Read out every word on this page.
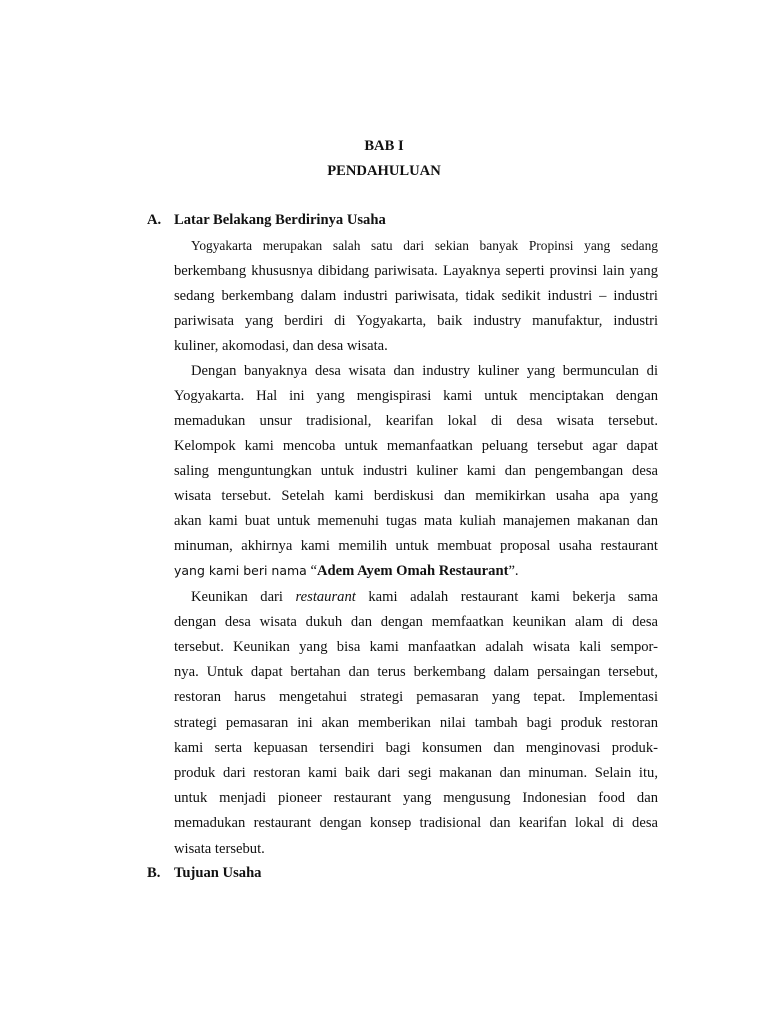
BAB I
PENDAHULUAN
A. Latar Belakang Berdirinya Usaha
Yogyakarta merupakan salah satu dari sekian banyak Propinsi yang sedang
berkembang khususnya dibidang pariwisata. Layaknya seperti provinsi lain yang
sedang berkembang dalam industri pariwisata, tidak sedikit industri – industri
pariwisata yang berdiri di Yogyakarta, baik industry manufaktur, industri
kuliner, akomodasi, dan desa wisata.
Dengan banyaknya desa wisata dan industry kuliner yang bermunculan di
Yogyakarta. Hal ini yang mengispirasi kami untuk menciptakan dengan
memadukan unsur tradisional, kearifan lokal di desa wisata tersebut.
Kelompok kami mencoba untuk memanfaatkan peluang tersebut agar dapat
saling menguntungkan untuk industri kuliner kami dan pengembangan desa
wisata tersebut. Setelah kami berdiskusi dan memikirkan usaha apa yang
akan kami buat untuk memenuhi tugas mata kuliah manajemen makanan dan
minuman, akhirnya kami memilih untuk membuat proposal usaha restaurant
yang kami beri nama “Adem Ayem Omah Restaurant”.
Keunikan dari restaurant kami adalah restaurant kami bekerja sama
dengan desa wisata dukuh dan dengan memfaatkan keunikan alam di desa
tersebut. Keunikan yang bisa kami manfaatkan adalah wisata kali sempor-
nya. Untuk dapat bertahan dan terus berkembang dalam persaingan tersebut,
restoran harus mengetahui strategi pemasaran yang tepat. Implementasi
strategi pemasaran ini akan memberikan nilai tambah bagi produk restoran
kami serta kepuasan tersendiri bagi konsumen dan menginovasi produk-
produk dari restoran kami baik dari segi makanan dan minuman. Selain itu,
untuk menjadi pioneer restaurant yang mengusung Indonesian food dan
memadukan restaurant dengan konsep tradisional dan kearifan lokal di desa
wisata tersebut.
B. Tujuan Usaha
